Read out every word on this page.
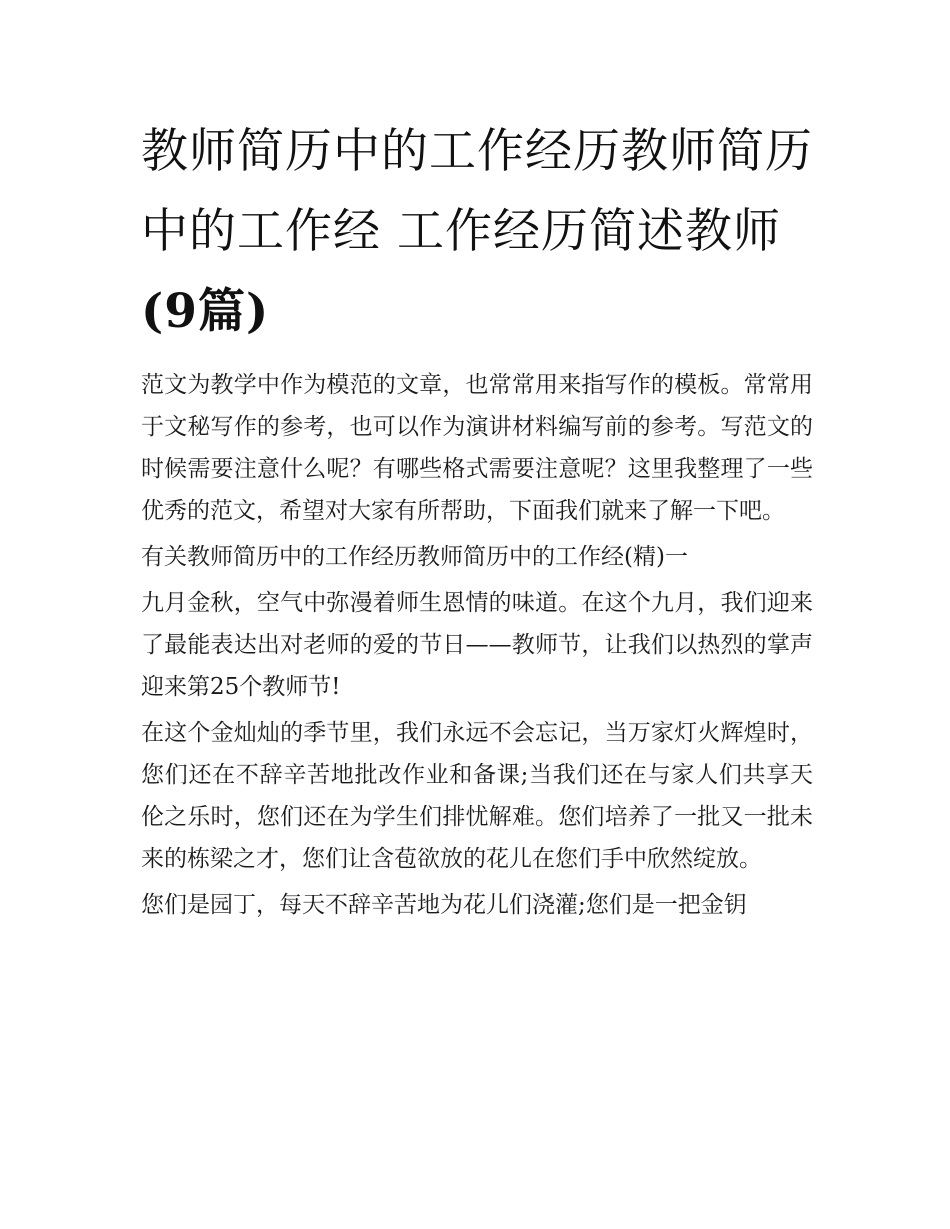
教师简历中的工作经历教师简历中的工作经 工作经历简述教师(9篇)

范文为教学中作为模范的文章，也常常用来指写作的模板。常常用于文秘写作的参考，也可以作为演讲材料编写前的参考。写范文的时候需要注意什么呢？有哪些格式需要注意呢？这里我整理了一些优秀的范文，希望对大家有所帮助，下面我们就来了解一下吧。

有关教师简历中的工作经历教师简历中的工作经(精)一

九月金秋，空气中弥漫着师生恩情的味道。在这个九月，我们迎来了最能表达出对老师的爱的节日——教师节，让我们以热烈的掌声迎来第25个教师节!

在这个金灿灿的季节里，我们永远不会忘记，当万家灯火辉煌时，您们还在不辞辛苦地批改作业和备课;当我们还在与家人们共享天伦之乐时，您们还在为学生们排忧解难。您们培养了一批又一批未来的栋梁之才，您们让含苞欲放的花儿在您们手中欣然绽放。

您们是园丁，每天不辞辛苦地为花儿们浇灌;您们是一把金钥
